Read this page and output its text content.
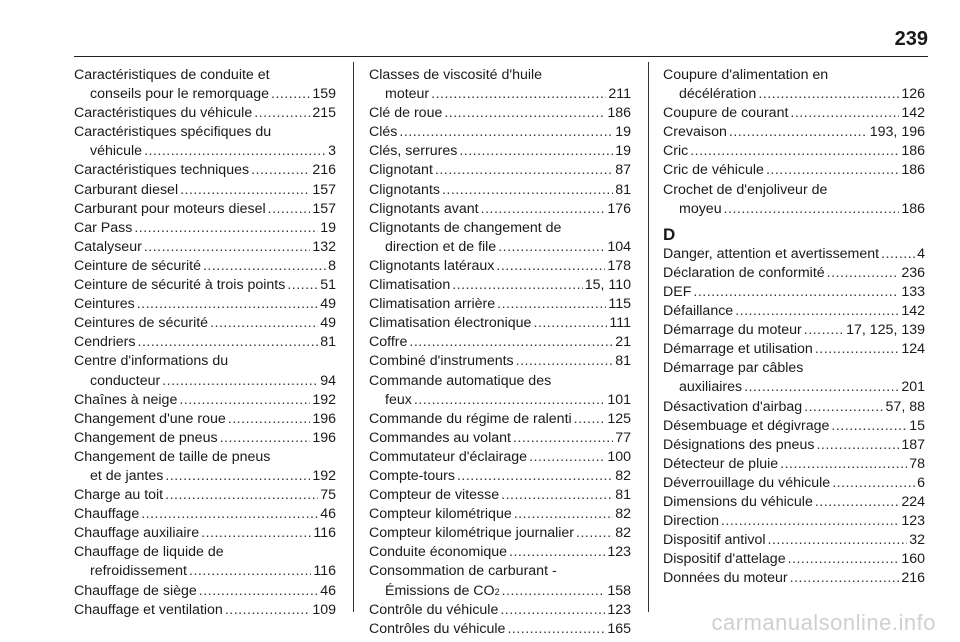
239
Caractéristiques de conduite et
conseils pour le remorquage .....	159
Caractéristiques du véhicule .....	215
Caractéristiques spécifiques du
véhicule .....	3
Caractéristiques techniques .....	216
Carburant diesel .....	157
Carburant pour moteurs diesel .....	157
Car Pass .....	19
Catalyseur .....	132
Ceinture de sécurité .....	8
Ceinture de sécurité à trois points ..... 51
Ceintures .....	49
Ceintures de sécurité .....	49
Cendriers .....	81
Centre d'informations du
conducteur .....	94
Chaînes à neige .....	192
Changement d'une roue .....	196
Changement de pneus .....	196
Changement de taille de pneus
et de jantes .....	192
Charge au toit .....	75
Chauffage .....	46
Chauffage auxiliaire .....	116
Chauffage de liquide de
refroidissement .....	116
Chauffage de siège .....	46
Chauffage et ventilation .....	109
Classes de viscosité d'huile
moteur .....	211
Clé de roue .....	186
Clés .....	19
Clés, serrures .....	19
Clignotant .....	87
Clignotants .....	81
Clignotants avant .....	176
Clignotants de changement de
direction et de file .....	104
Clignotants latéraux .....	178
Climatisation .....	15, 110
Climatisation arrière .....	115
Climatisation électronique .....	111
Coffre .....	21
Combiné d'instruments .....	81
Commande automatique des
feux .....	101
Commande du régime de ralenti .....	125
Commandes au volant .....	77
Commutateur d'éclairage .....	100
Compte-tours .....	82
Compteur de vitesse .....	81
Compteur kilométrique .....	82
Compteur kilométrique journalier .....	82
Conduite économique .....	123
Consommation de carburant -
Émissions de CO 2 .....	158
Contrôle du véhicule .....	123
Contrôles du véhicule .....	165
Coupure d'alimentation en
décélération .....	126
Coupure de courant .....	142
Crevaison .....	193, 196
Cric .....	186
Cric de véhicule .....	186
Crochet de d'enjoliveur de
moyeu .....	186
D
Danger, attention et avertissement .....	4
Déclaration de conformité .....	236
DEF .....	133
Défaillance .....	142
Démarrage du moteur .....	17, 125, 139
Démarrage et utilisation .....	124
Démarrage par câbles
auxiliaires .....	201
Désactivation d'airbag .....	57, 88
Désembuage et dégivrage .....	15
Désignations des pneus .....	187
Détecteur de pluie .....	78
Déverrouillage du véhicule .....	6
Dimensions du véhicule .....	224
Direction .....	123
Dispositif antivol .....	32
Dispositif d'attelage .....	160
Données du moteur .....	216
carmanualsonline.info
